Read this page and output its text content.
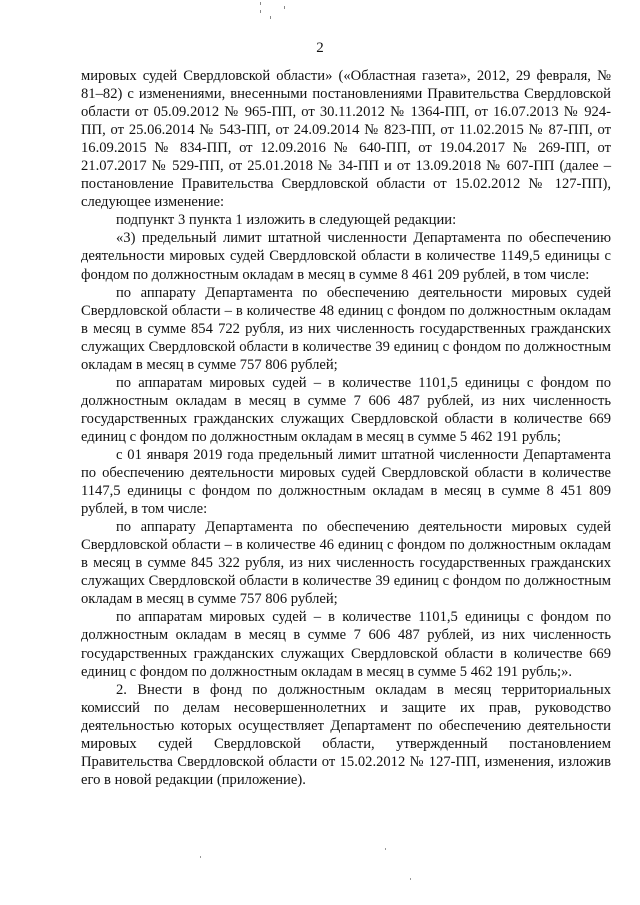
2

мировых судей Свердловской области» («Областная газета», 2012, 29 февраля, № 81–82) с изменениями, внесенными постановлениями Правительства Свердловской области от 05.09.2012 № 965-ПП, от 30.11.2012 № 1364-ПП, от 16.07.2013 № 924-ПП, от 25.06.2014 № 543-ПП, от 24.09.2014 № 823-ПП, от 11.02.2015 № 87-ПП, от 16.09.2015 № 834-ПП, от 12.09.2016 № 640-ПП, от 19.04.2017 № 269-ПП, от 21.07.2017 № 529-ПП, от 25.01.2018 № 34-ПП и от 13.09.2018 № 607-ПП (далее – постановление Правительства Свердловской области от 15.02.2012 № 127-ПП), следующее изменение:

подпункт 3 пункта 1 изложить в следующей редакции:

«3) предельный лимит штатной численности Департамента по обеспечению деятельности мировых судей Свердловской области в количестве 1149,5 единицы с фондом по должностным окладам в месяц в сумме 8 461 209 рублей, в том числе:

по аппарату Департамента по обеспечению деятельности мировых судей Свердловской области – в количестве 48 единиц с фондом по должностным окладам в месяц в сумме 854 722 рубля, из них численность государственных гражданских служащих Свердловской области в количестве 39 единиц с фондом по должностным окладам в месяц в сумме 757 806 рублей;

по аппаратам мировых судей – в количестве 1101,5 единицы с фондом по должностным окладам в месяц в сумме 7 606 487 рублей, из них численность государственных гражданских служащих Свердловской области в количестве 669 единиц с фондом по должностным окладам в месяц в сумме 5 462 191 рубль;

с 01 января 2019 года предельный лимит штатной численности Департамента по обеспечению деятельности мировых судей Свердловской области в количестве 1147,5 единицы с фондом по должностным окладам в месяц в сумме 8 451 809 рублей, в том числе:

по аппарату Департамента по обеспечению деятельности мировых судей Свердловской области – в количестве 46 единиц с фондом по должностным окладам в месяц в сумме 845 322 рубля, из них численность государственных гражданских служащих Свердловской области в количестве 39 единиц с фондом по должностным окладам в месяц в сумме 757 806 рублей;

по аппаратам мировых судей – в количестве 1101,5 единицы с фондом по должностным окладам в месяц в сумме 7 606 487 рублей, из них численность государственных гражданских служащих Свердловской области в количестве 669 единиц с фондом по должностным окладам в месяц в сумме 5 462 191 рубль;».

2. Внести в фонд по должностным окладам в месяц территориальных комиссий по делам несовершеннолетних и защите их прав, руководство деятельностью которых осуществляет Департамент по обеспечению деятельности мировых судей Свердловской области, утвержденный постановлением Правительства Свердловской области от 15.02.2012 № 127-ПП, изменения, изложив его в новой редакции (приложение).
